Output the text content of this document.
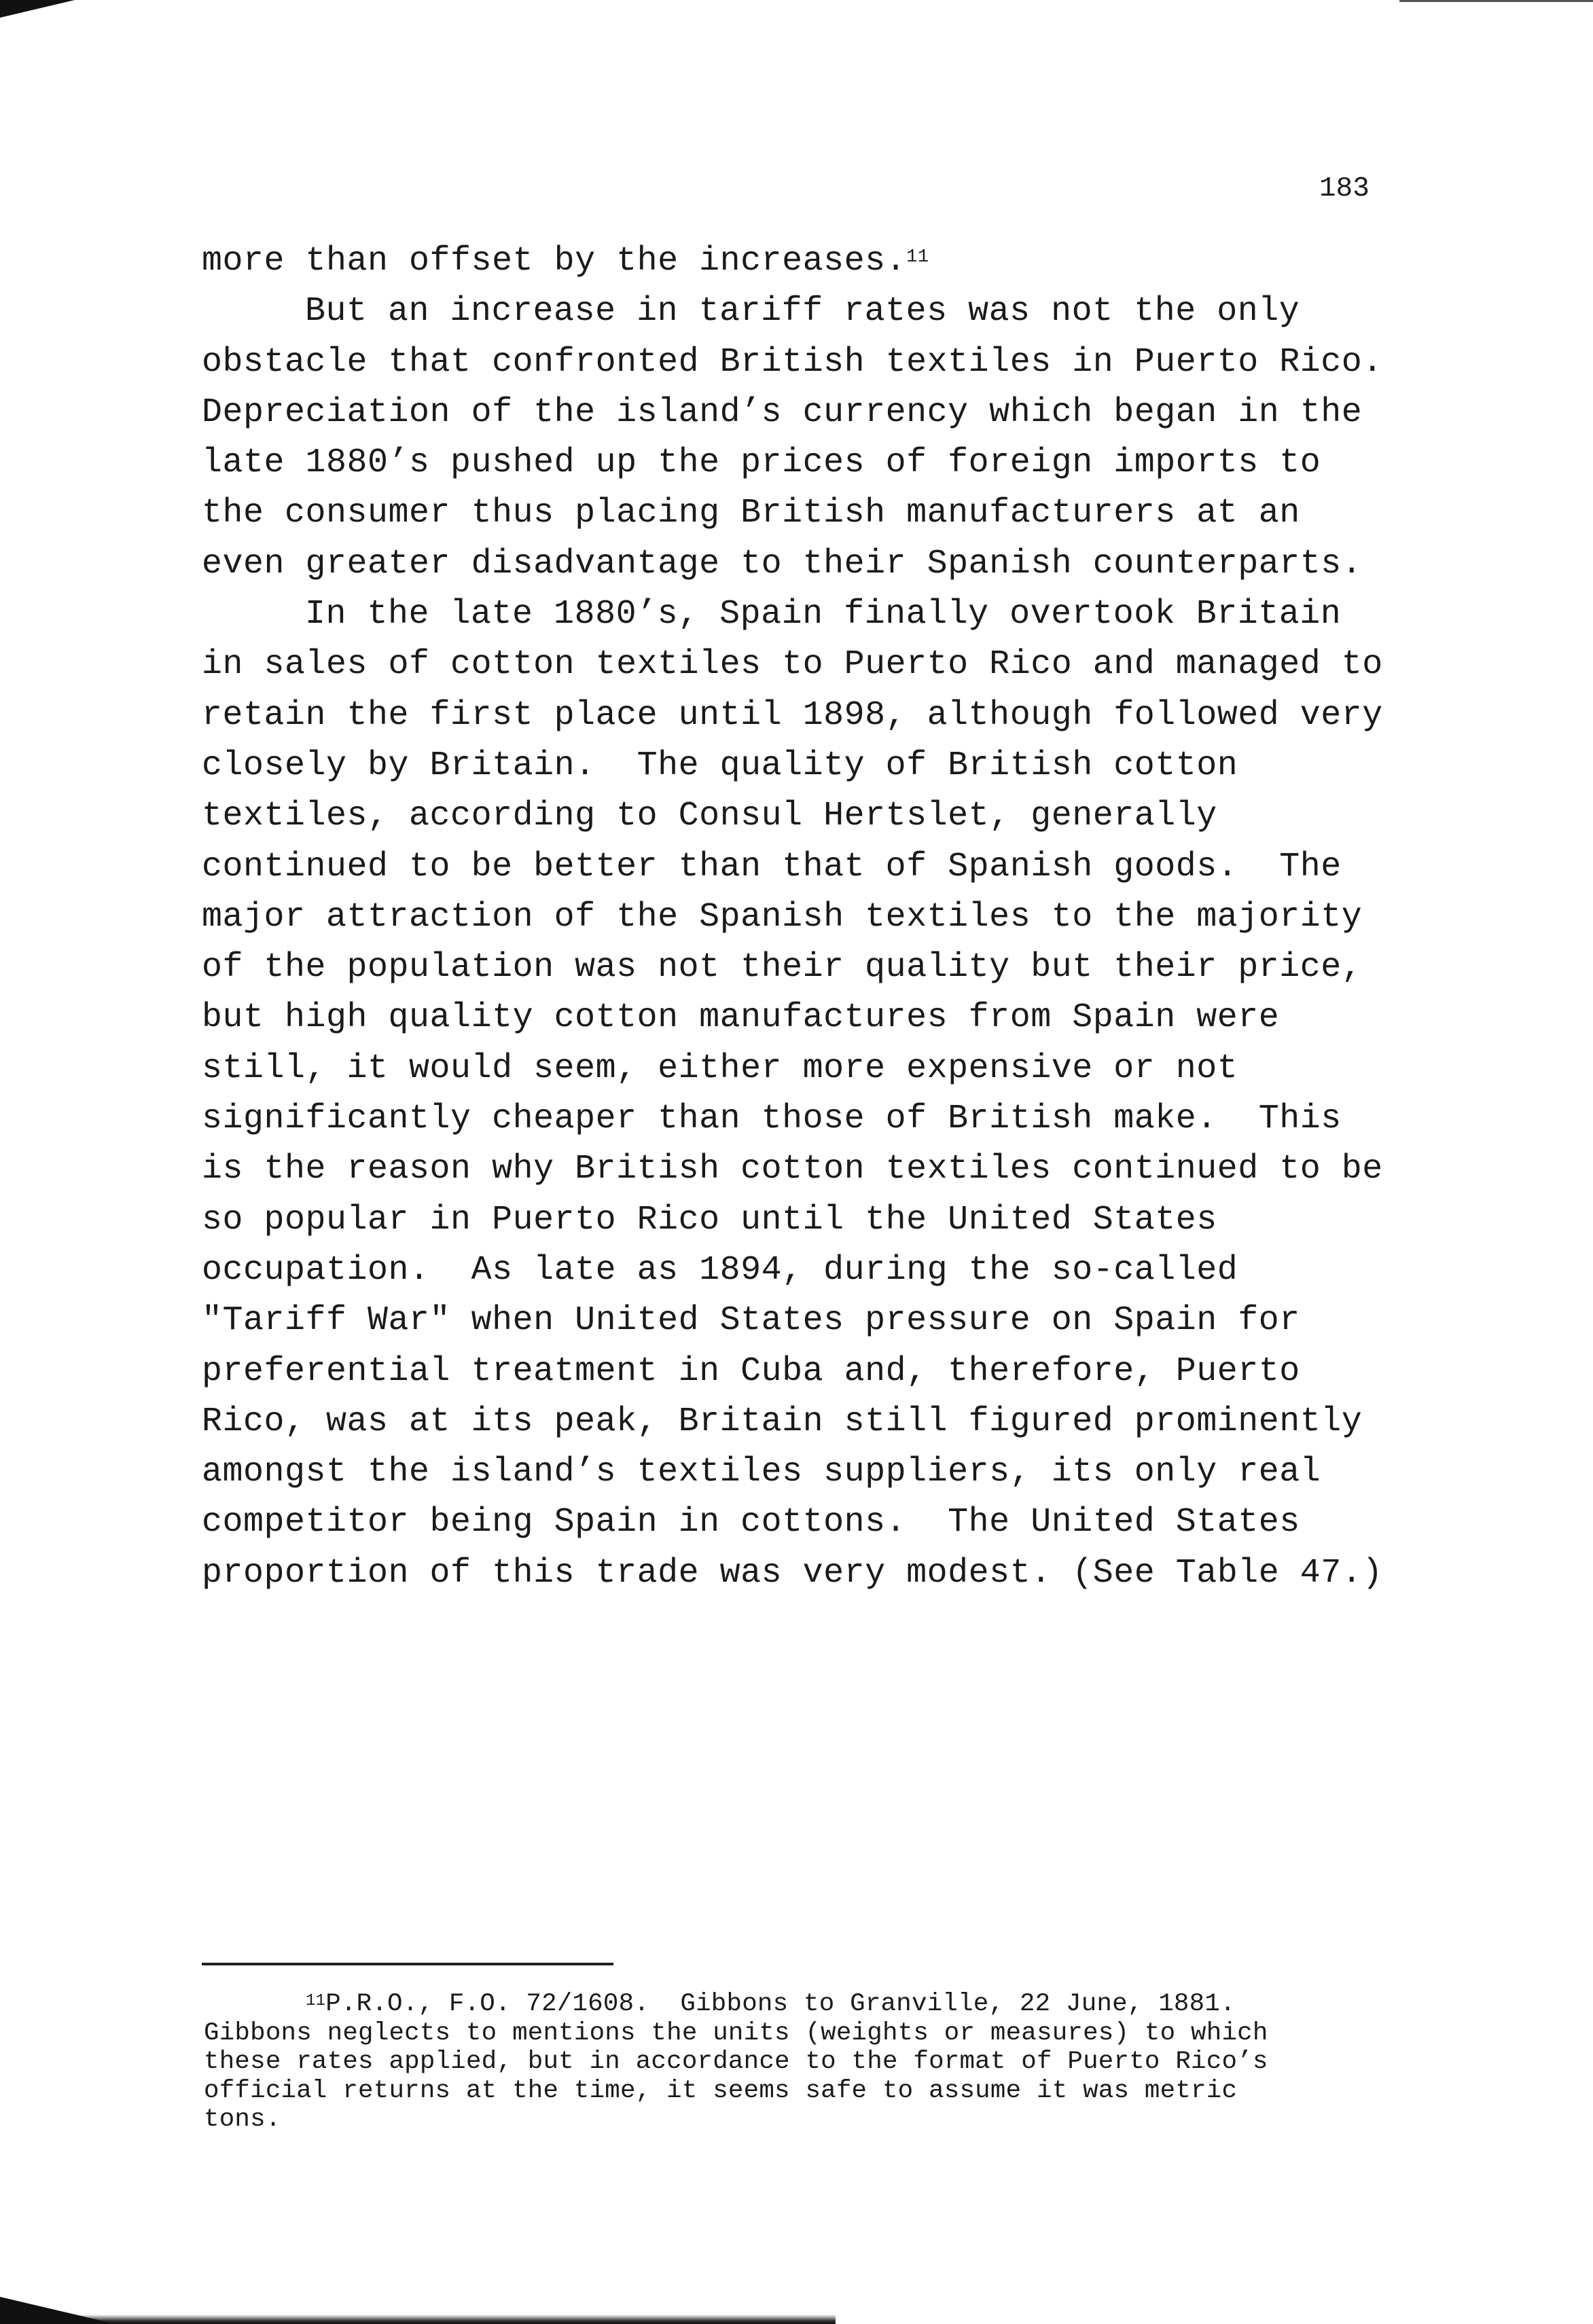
183
more than offset by the increases.$^{11}$
But an increase in tariff rates was not the only
obstacle that confronted British textiles in Puerto Rico.
Depreciation of the island’s currency which began in the
late 1880’s pushed up the prices of foreign imports to
the consumer thus placing British manufacturers at an
even greater disadvantage to their Spanish counterparts.
In the late 1880’s, Spain finally overtook Britain
in sales of cotton textiles to Puerto Rico and managed to
retain the first place until 1898, although followed very
closely by Britain.  The quality of British cotton
textiles, according to Consul Hertslet, generally
continued to be better than that of Spanish goods.  The
major attraction of the Spanish textiles to the majority
of the population was not their quality but their price,
but high quality cotton manufactures from Spain were
still, it would seem, either more expensive or not
significantly cheaper than those of British make.  This
is the reason why British cotton textiles continued to be
so popular in Puerto Rico until the United States
occupation.  As late as 1894, during the so-called
"Tariff War" when United States pressure on Spain for
preferential treatment in Cuba and, therefore, Puerto
Rico, was at its peak, Britain still figured prominently
amongst the island’s textiles suppliers, its only real
competitor being Spain in cottons.  The United States
proportion of this trade was very modest. (See Table 47.)
$^{11}$P.R.O., F.O. 72/1608.  Gibbons to Granville, 22 June, 1881.
Gibbons neglects to mentions the units (weights or measures) to which
these rates applied, but in accordance to the format of Puerto Rico’s
official returns at the time, it seems safe to assume it was metric
tons.
